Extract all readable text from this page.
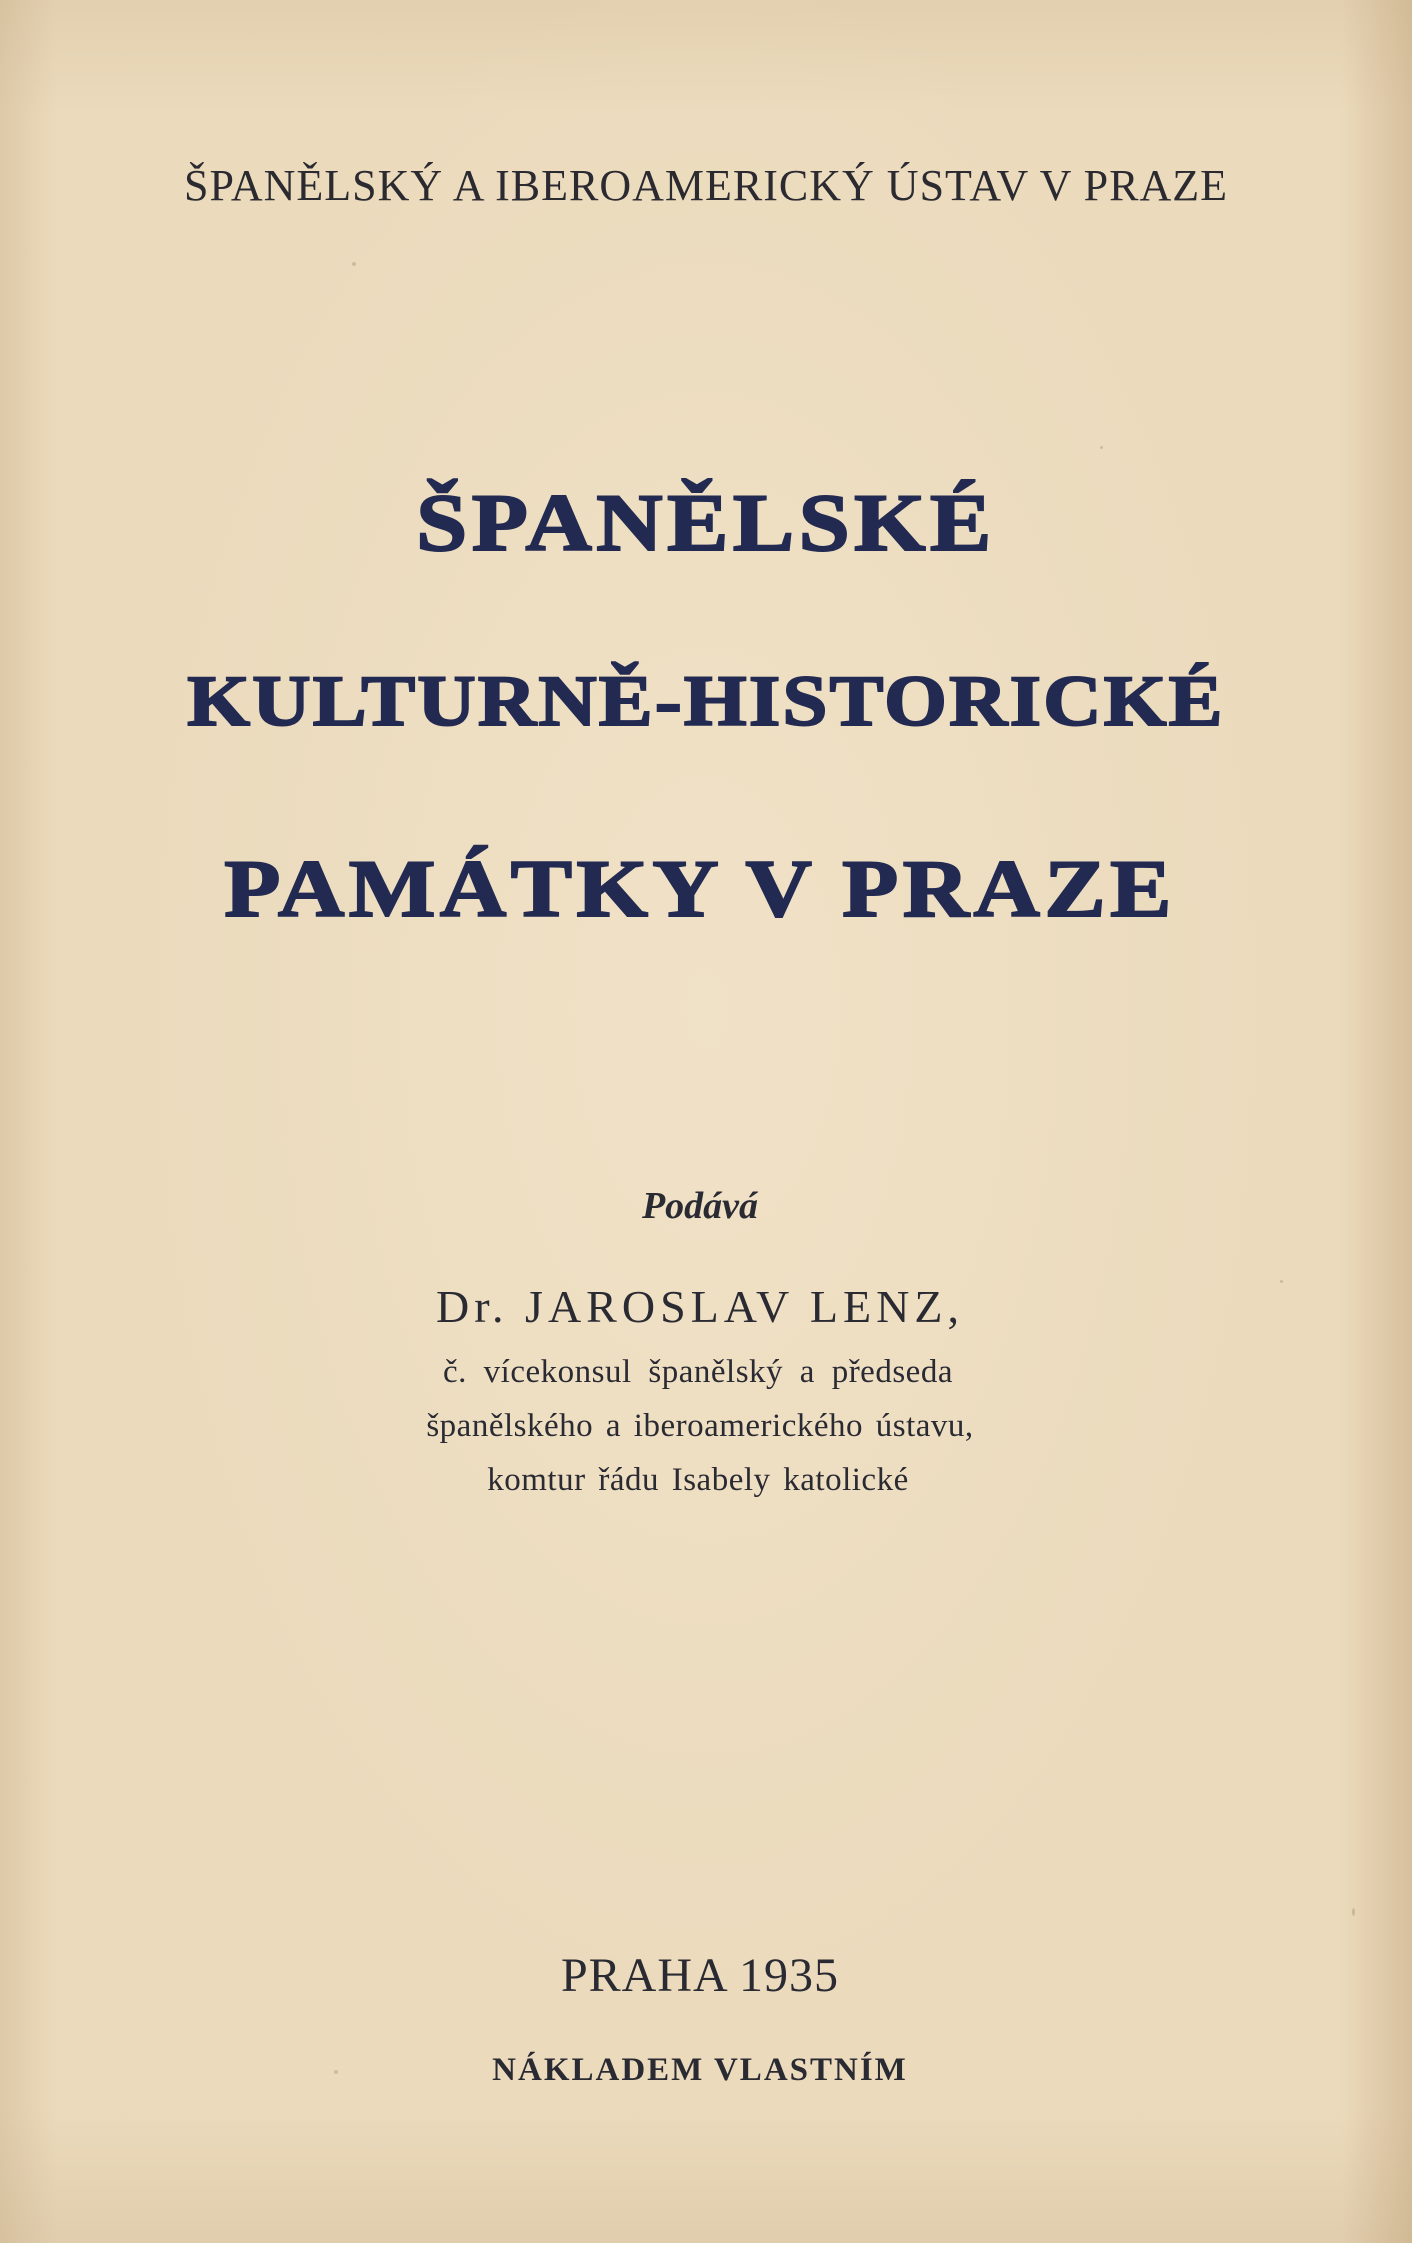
ŠPANĚLSKÝ A IBEROAMERICKÝ ÚSTAV V PRAZE
ŠPANĚLSKÉ
KULTURNĚ-HISTORICKÉ
PAMÁTKY V PRAZE
Podává
Dr. JAROSLAV LENZ,
č. vícekonsul španělský a předseda
španělského a iberoamerického ústavu,
komtur řádu Isabely katolické
PRAHA 1935
NÁKLADEM VLASTNÍM
